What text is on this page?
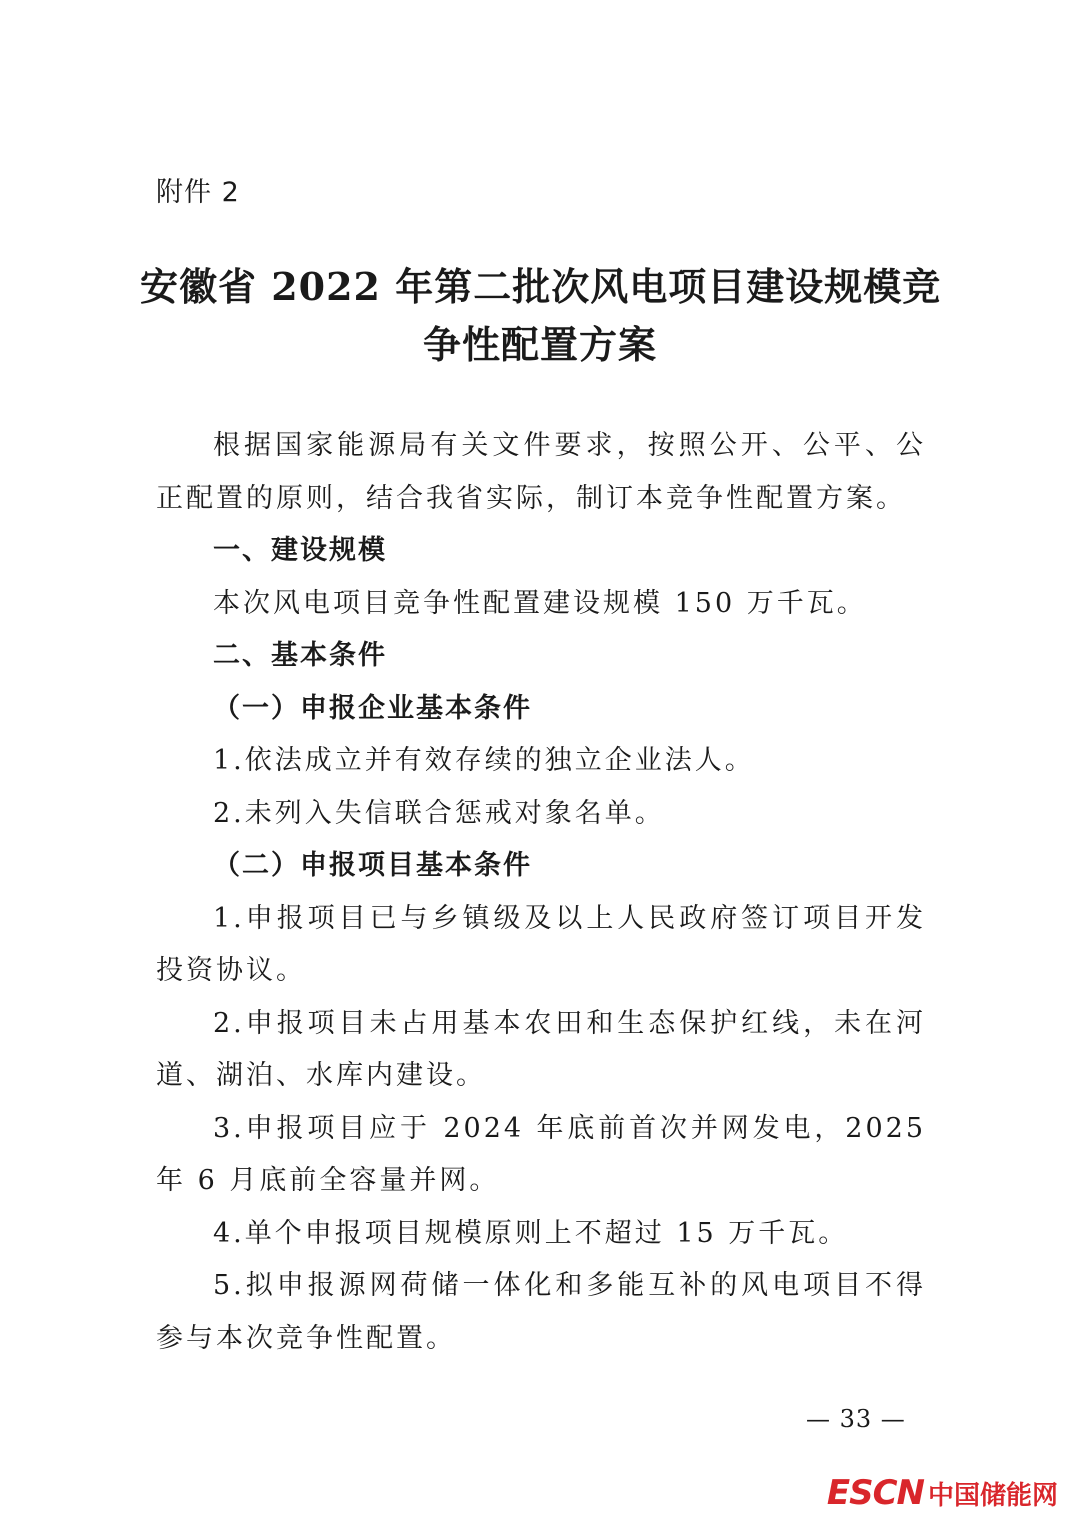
附件 2
安徽省 2022 年第二批次风电项目建设规模竞
争性配置方案

根据国家能源局有关文件要求，按照公开、公平、公正配置的原则，结合我省实际，制订本竞争性配置方案。

一、建设规模

本次风电项目竞争性配置建设规模 150 万千瓦。

二、基本条件

（一）申报企业基本条件

1.依法成立并有效存续的独立企业法人。

2.未列入失信联合惩戒对象名单。

（二）申报项目基本条件

1.申报项目已与乡镇级及以上人民政府签订项目开发投资协议。

2.申报项目未占用基本农田和生态保护红线，未在河道、湖泊、水库内建设。

3.申报项目应于 2024 年底前首次并网发电，2025 年 6 月底前全容量并网。

4.单个申报项目规模原则上不超过 15 万千瓦。

5.拟申报源网荷储一体化和多能互补的风电项目不得参与本次竞争性配置。

— 33 —
ESCN 中国储能网
